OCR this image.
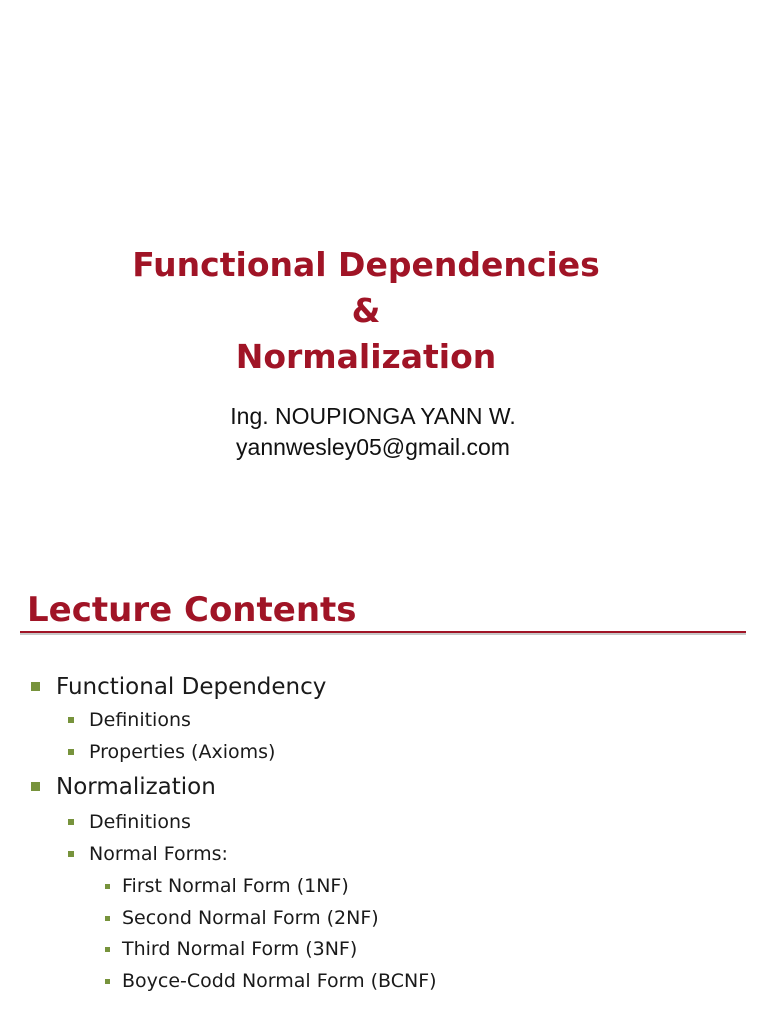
Functional Dependencies
&
Normalization
Ing. NOUPIONGA YANN W.
yannwesley05@gmail.com
Lecture Contents
Functional Dependency
Definitions
Properties (Axioms)
Normalization
Definitions
Normal Forms:
First Normal Form (1NF)
Second Normal Form (2NF)
Third Normal Form (3NF)
Boyce-Codd Normal Form (BCNF)
